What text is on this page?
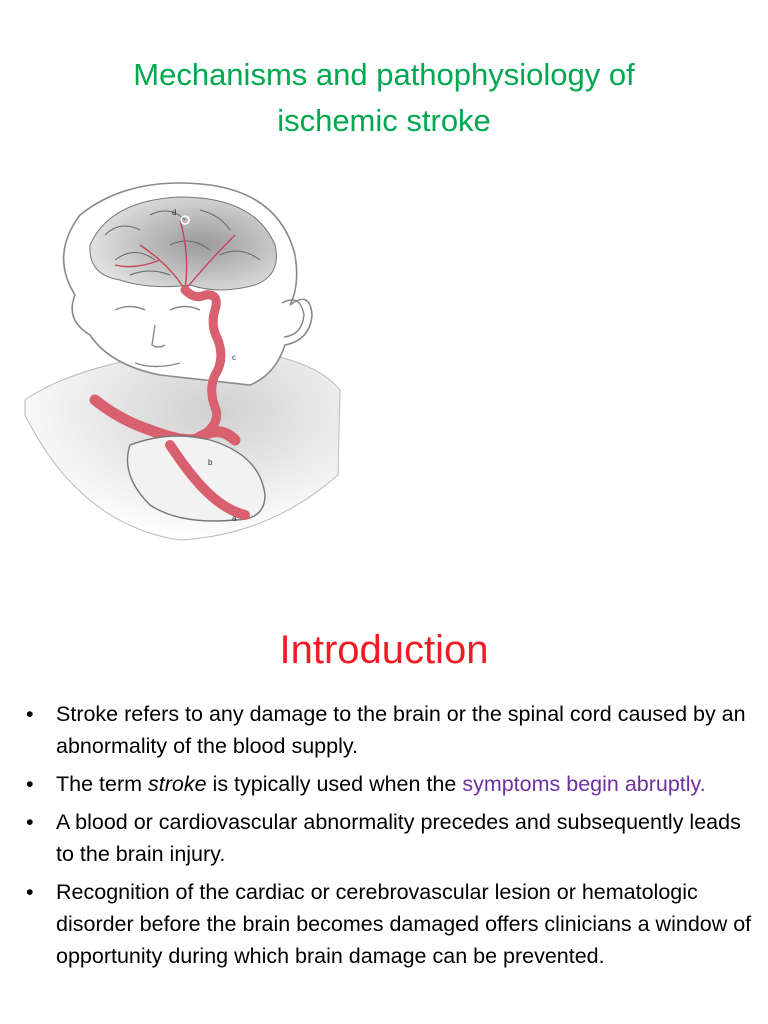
Mechanisms and pathophysiology of
ischemic stroke
d
c
b
a
Introduction
• Stroke refers to any damage to the brain or the spinal cord caused by an abnormality of the blood supply.
• The term stroke is typically used when the symptoms begin abruptly.
• A blood or cardiovascular abnormality precedes and subsequently leads to the brain injury.
• Recognition of the cardiac or cerebrovascular lesion or hematologic disorder before the brain becomes damaged offers clinicians a window of opportunity during which brain damage can be prevented.
